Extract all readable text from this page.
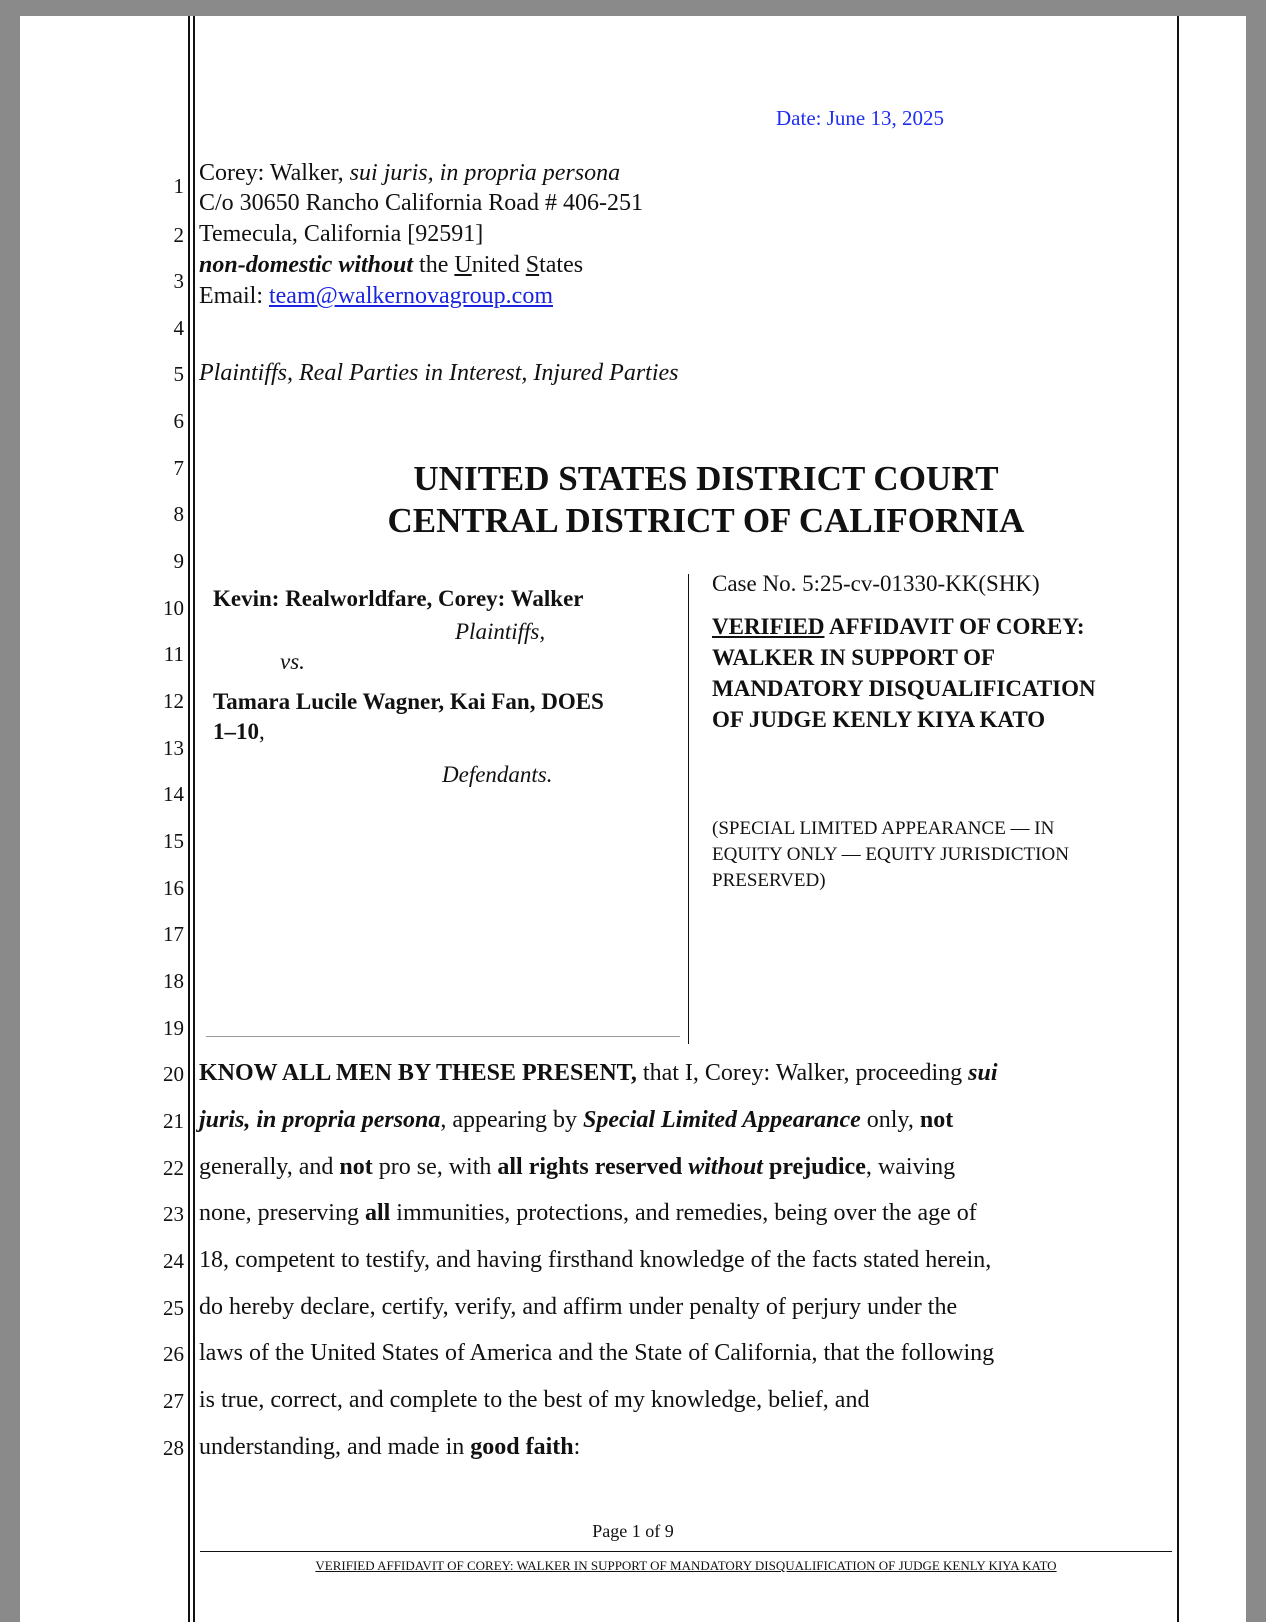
1
2
3
4
5
6
7
8
9
10
11
12
13
14
15
16
17
18
19
20
21
22
23
24
25
26
27
28
Date: June 13, 2025
Corey: Walker, sui juris, in propria persona
C/o 30650 Rancho California Road # 406-251
Temecula, California [92591]
non-domestic without the United States
Email: team@walkernovagroup.com
Plaintiffs, Real Parties in Interest, Injured Parties
UNITED STATES DISTRICT COURT
CENTRAL DISTRICT OF CALIFORNIA
Kevin: Realworldfare, Corey: Walker
Plaintiffs,
vs.
Tamara Lucile Wagner, Kai Fan, DOES
1–10,
Defendants.
Case No. 5:25-cv-01330-KK(SHK)
VERIFIED AFFIDAVIT OF COREY:
WALKER IN SUPPORT OF
MANDATORY DISQUALIFICATION
OF JUDGE KENLY KIYA KATO
(SPECIAL LIMITED APPEARANCE — IN
EQUITY ONLY — EQUITY JURISDICTION
PRESERVED)
KNOW ALL MEN BY THESE PRESENT, that I, Corey: Walker, proceeding sui
juris, in propria persona, appearing by Special Limited Appearance only, not
generally, and not pro se, with all rights reserved without prejudice, waiving
none, preserving all immunities, protections, and remedies, being over the age of
18, competent to testify, and having firsthand knowledge of the facts stated herein,
do hereby declare, certify, verify, and affirm under penalty of perjury under the
laws of the United States of America and the State of California, that the following
is true, correct, and complete to the best of my knowledge, belief, and
understanding, and made in good faith:
Page 1 of 9
VERIFIED AFFIDAVIT OF COREY: WALKER IN SUPPORT OF MANDATORY DISQUALIFICATION OF JUDGE KENLY KIYA KATO
